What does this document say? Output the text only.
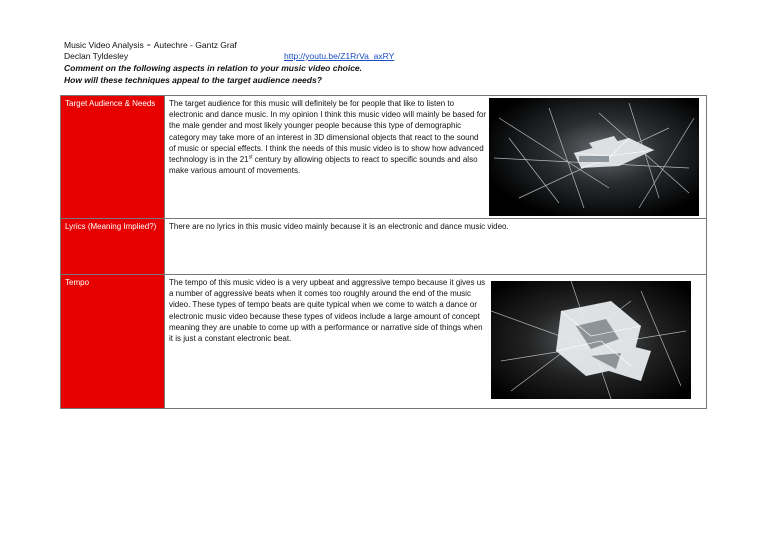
Music Video Analysis - Autechre - Gantz Graf
Declan Tyldesley	http://youtu.be/Z1RrVa_axRY
Comment on the following aspects in relation to your music video choice.
How will these techniques appeal to the target audience needs?
Target Audience & Needs	The target audience for this music will definitely be for people that like to listen to electronic and dance music. In my opinion I think this music video will mainly be based for the male gender and most likely younger people because this type of demographic category may take more of an interest in 3D dimensional objects that react to the sound of music or special effects. I think the needs of this music video is to show how advanced technology is in the 21st century by allowing objects to react to specific sounds and also make various amount of movements.

Lyrics (Meaning Implied?)	There are no lyrics in this music video mainly because it is an electronic and dance music video.

Tempo	The tempo of this music video is a very upbeat and aggressive tempo because it gives us a number of aggressive beats when it comes too roughly around the end of the music video. These types of tempo beats are quite typical when we come to watch a dance or electronic music video because these types of videos include a large amount of concept meaning they are unable to come up with a performance or narrative side of things when it is just a constant electronic beat.
